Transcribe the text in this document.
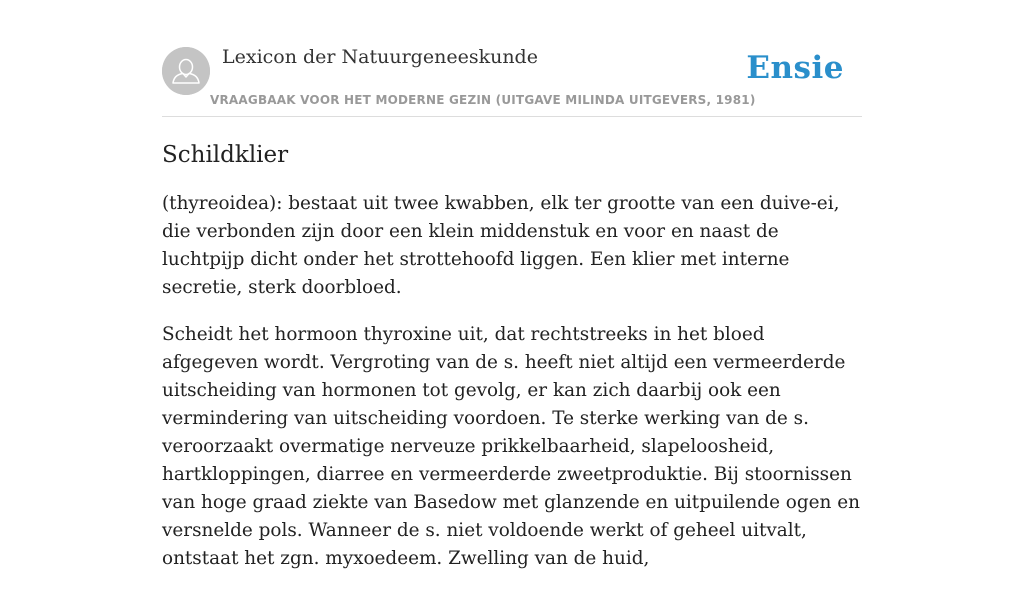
Lexicon der Natuurgeneeskunde
VRAAGBAAK VOOR HET MODERNE GEZIN (UITGAVE MILINDA UITGEVERS, 1981)
Ensie
Schildklier

(thyreoidea): bestaat uit twee kwabben, elk ter grootte van een duive-ei, die verbonden zijn door een klein middenstuk en voor en naast de luchtpijp dicht onder het strottehoofd liggen. Een klier met interne secretie, sterk doorbloed.

Scheidt het hormoon thyroxine uit, dat rechtstreeks in het bloed afgegeven wordt. Vergroting van de s. heeft niet altijd een vermeerderde uitscheiding van hormonen tot gevolg, er kan zich daarbij ook een vermindering van uitscheiding voordoen. Te sterke werking van de s. veroorzaakt overmatige nerveuze prikkelbaarheid, slapeloosheid, hartkloppingen, diarree en vermeerderde zweetproduktie. Bij stoornissen van hoge graad ziekte van Basedow met glanzende en uitpuilende ogen en versnelde pols. Wanneer de s. niet voldoende werkt of geheel uitvalt, ontstaat het zgn. myxoedeem. Zwelling van de huid,
